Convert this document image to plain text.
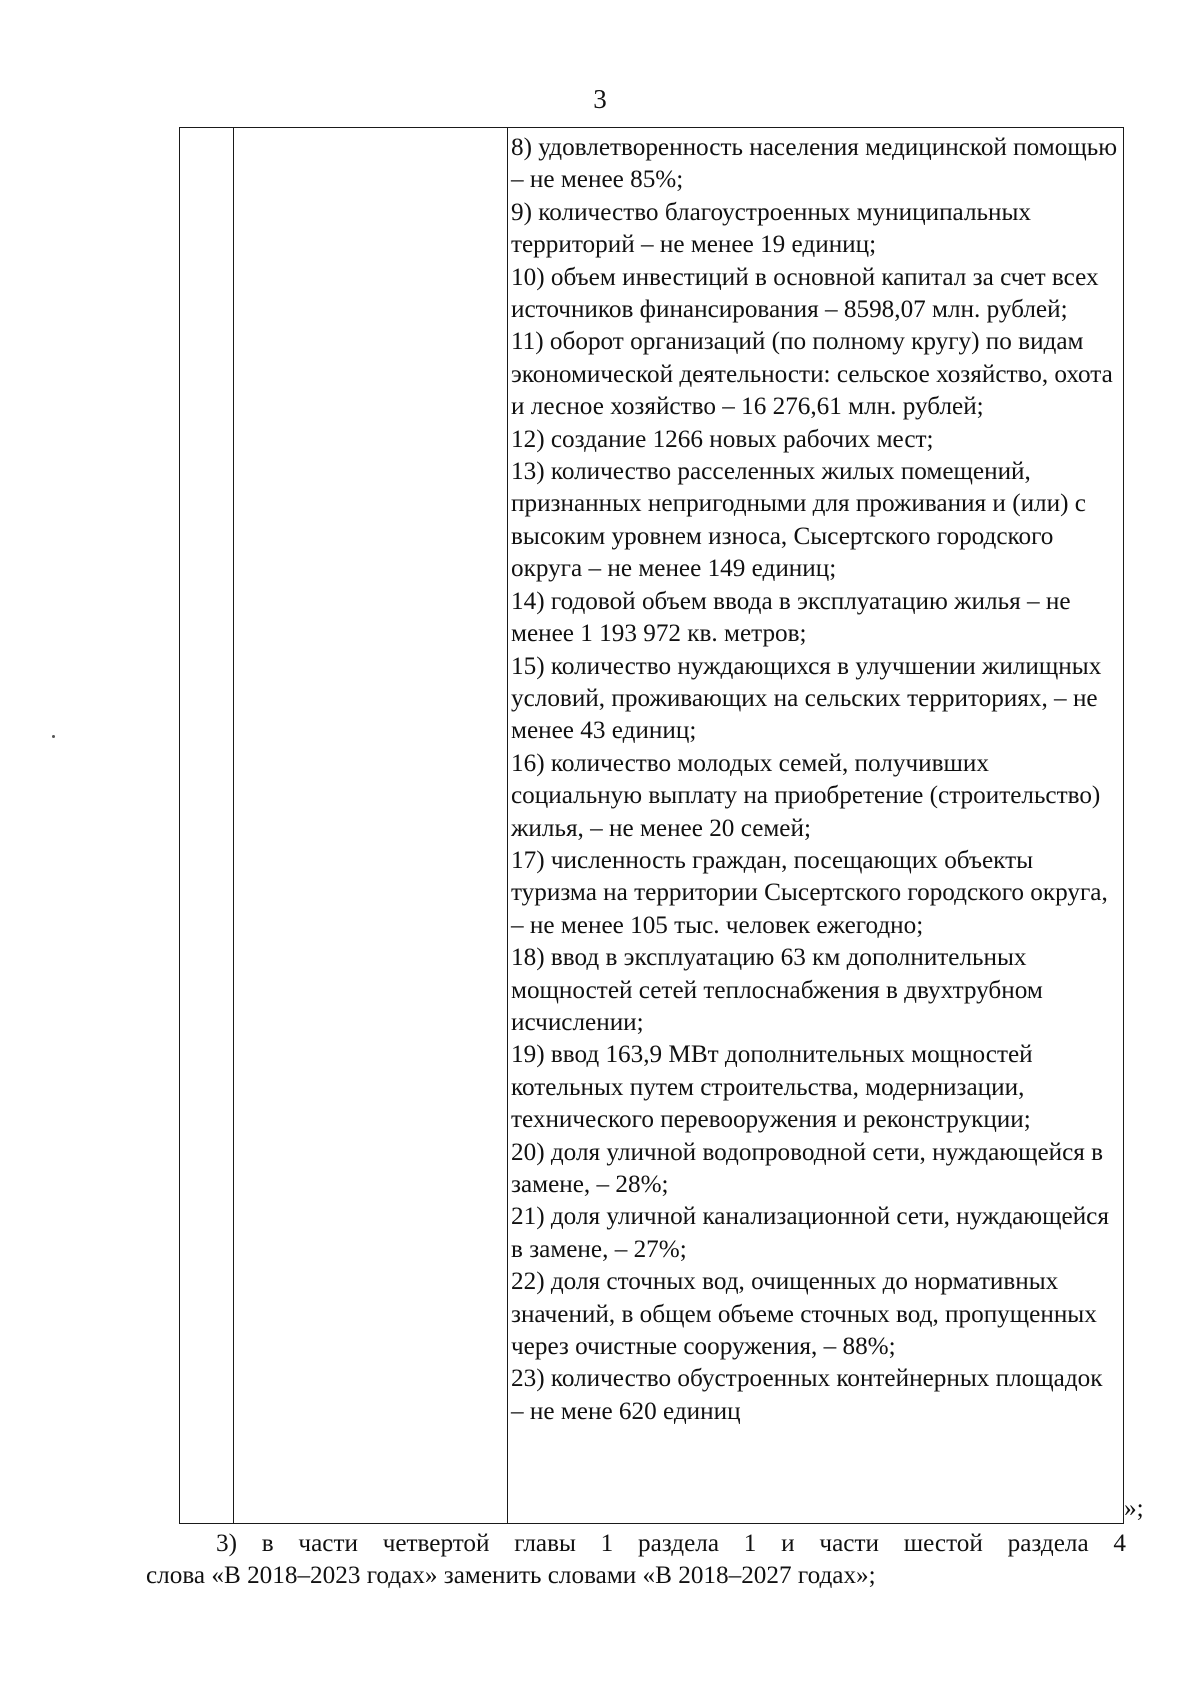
3

8) удовлетворенность населения медицинской помощью – не менее 85%;
9) количество благоустроенных муниципальных территорий – не менее 19 единиц;
10) объем инвестиций в основной капитал за счет всех источников финансирования – 8598,07 млн. рублей;
11) оборот организаций (по полному кругу) по видам экономической деятельности: сельское хозяйство, охота и лесное хозяйство – 16 276,61 млн. рублей;
12) создание 1266 новых рабочих мест;
13) количество расселенных жилых помещений, признанных непригодными для проживания и (или) с высоким уровнем износа, Сысертского городского округа – не менее 149 единиц;
14) годовой объем ввода в эксплуатацию жилья – не менее 1 193 972 кв. метров;
15) количество нуждающихся в улучшении жилищных условий, проживающих на сельских территориях, – не менее 43 единиц;
16) количество молодых семей, получивших социальную выплату на приобретение (строительство) жилья, – не менее 20 семей;
17) численность граждан, посещающих объекты туризма на территории Сысертского городского округа, – не менее 105 тыс. человек ежегодно;
18) ввод в эксплуатацию 63 км дополнительных мощностей сетей теплоснабжения в двухтрубном исчислении;
19) ввод 163,9 МВт дополнительных мощностей котельных путем строительства, модернизации, технического перевооружения и реконструкции;
20) доля уличной водопроводной сети, нуждающейся в замене, – 28%;
21) доля уличной канализационной сети, нуждающейся в замене, – 27%;
22) доля сточных вод, очищенных до нормативных значений, в общем объеме сточных вод, пропущенных через очистные сооружения, – 88%;
23) количество обустроенных контейнерных площадок – не мене 620 единиц
»;
3) в части четвертой главы 1 раздела 1 и части шестой раздела 4
слова «В 2018–2023 годах» заменить словами «В 2018–2027 годах»;
